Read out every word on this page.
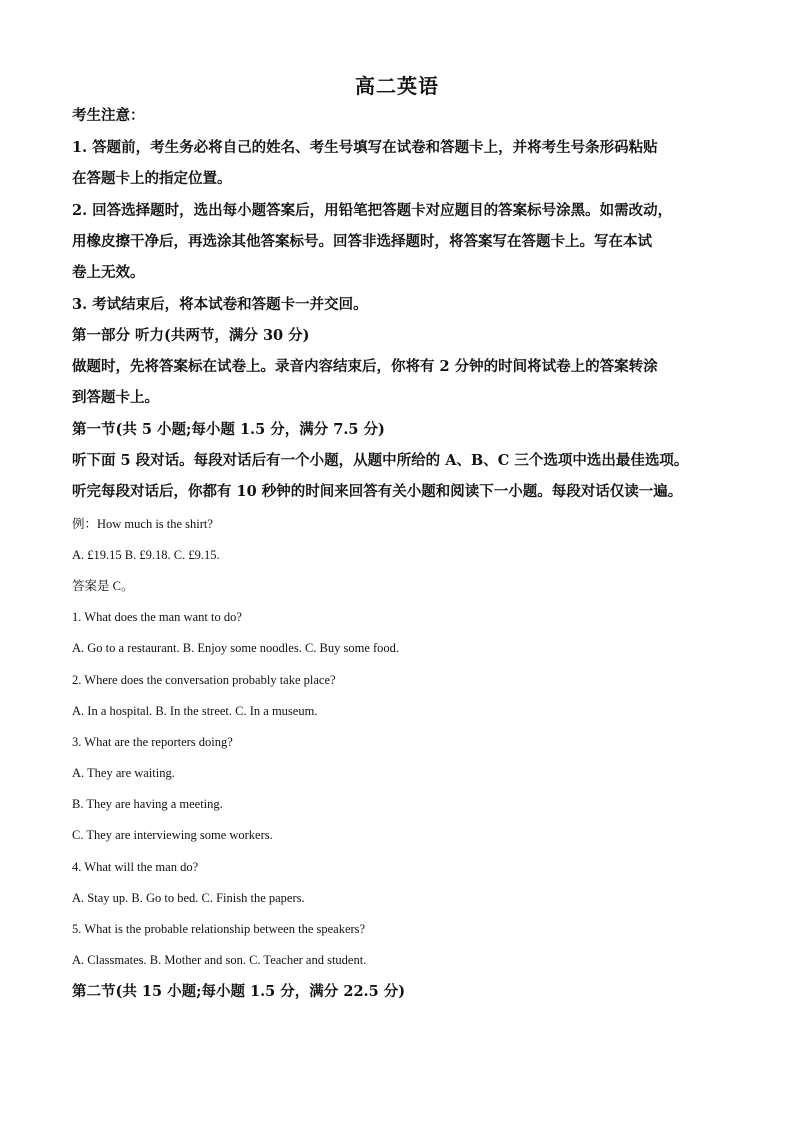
高二英语
考生注意：
1. 答题前，考生务必将自己的姓名、考生号填写在试卷和答题卡上，并将考生号条形码粘贴
在答题卡上的指定位置。
2. 回答选择题时，选出每小题答案后，用铅笔把答题卡对应题目的答案标号涂黑。如需改动，
用橡皮擦干净后，再选涂其他答案标号。回答非选择题时，将答案写在答题卡上。写在本试
卷上无效。
3. 考试结束后，将本试卷和答题卡一并交回。
第一部分 听力(共两节，满分 30 分)
做题时，先将答案标在试卷上。录音内容结束后，你将有 2 分钟的时间将试卷上的答案转涂
到答题卡上。
第一节(共 5 小题;每小题 1.5 分，满分 7.5 分)
听下面 5 段对话。每段对话后有一个小题，从题中所给的 A、B、C 三个选项中选出最佳选项。
听完每段对话后，你都有 10 秒钟的时间来回答有关小题和阅读下一小题。每段对话仅读一遍。
例：How much is the shirt?
A. £19.15 B. £9.18. C. £9.15.
答案是 C。
1. What does the man want to do?
A. Go to a restaurant. B. Enjoy some noodles. C. Buy some food.
2. Where does the conversation probably take place?
A. In a hospital. B. In the street. C. In a museum.
3. What are the reporters doing?
A. They are waiting.
B. They are having a meeting.
C. They are interviewing some workers.
4. What will the man do?
A. Stay up. B. Go to bed. C. Finish the papers.
5. What is the probable relationship between the speakers?
A. Classmates. B. Mother and son. C. Teacher and student.
第二节(共 15 小题;每小题 1.5 分，满分 22.5 分)
